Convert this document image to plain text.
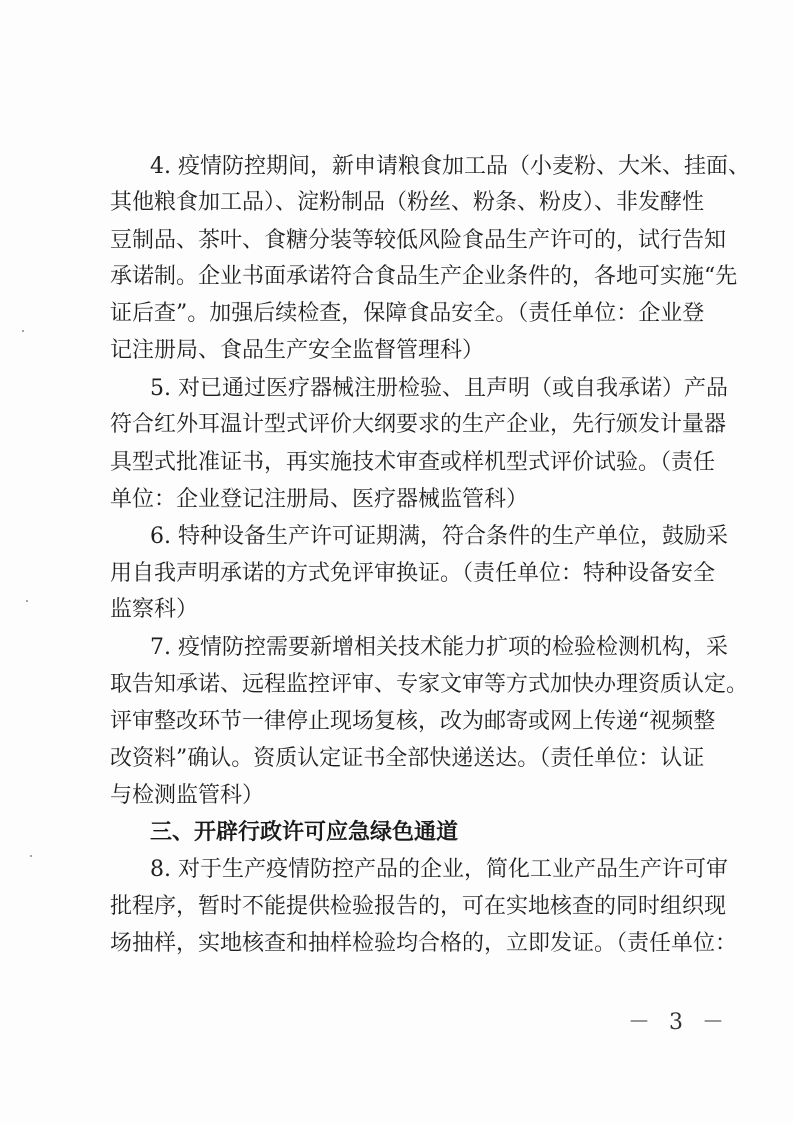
4. 疫情防控期间，新申请粮食加工品（小麦粉、大米、挂面、
其他粮食加工品）、淀粉制品（粉丝、粉条、粉皮）、非发酵性
豆制品、茶叶、食糖分装等较低风险食品生产许可的，试行告知
承诺制。企业书面承诺符合食品生产企业条件的，各地可实施“先
证后查”。加强后续检查，保障食品安全。（责任单位：企业登
记注册局、食品生产安全监督管理科）
5. 对已通过医疗器械注册检验、且声明（或自我承诺）产品
符合红外耳温计型式评价大纲要求的生产企业，先行颁发计量器
具型式批准证书，再实施技术审查或样机型式评价试验。（责任
单位：企业登记注册局、医疗器械监管科）
6. 特种设备生产许可证期满，符合条件的生产单位，鼓励采
用自我声明承诺的方式免评审换证。（责任单位：特种设备安全
监察科）
7. 疫情防控需要新增相关技术能力扩项的检验检测机构，采
取告知承诺、远程监控评审、专家文审等方式加快办理资质认定。
评审整改环节一律停止现场复核，改为邮寄或网上传递“视频整
改资料”确认。资质认定证书全部快递送达。（责任单位：认证
与检测监管科）
三、开辟行政许可应急绿色通道
8. 对于生产疫情防控产品的企业，简化工业产品生产许可审
批程序，暂时不能提供检验报告的，可在实地核查的同时组织现
场抽样，实地核查和抽样检验均合格的，立即发证。（责任单位：
－ 3 －
